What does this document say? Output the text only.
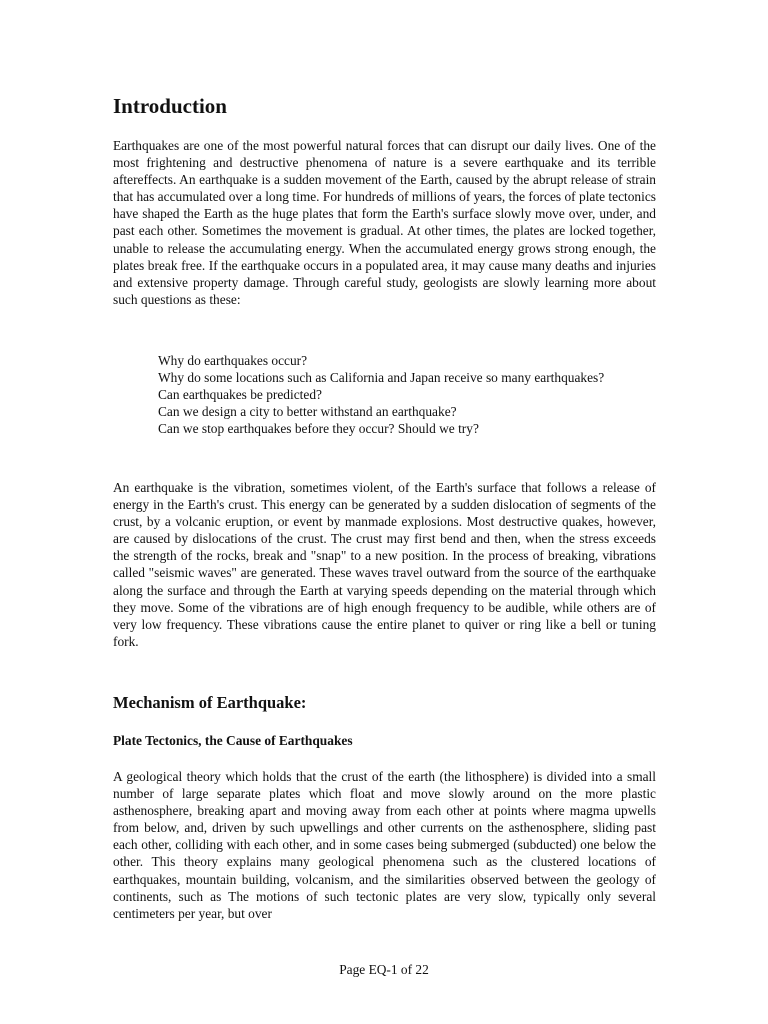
Introduction

Earthquakes are one of the most powerful natural forces that can disrupt our daily lives. One of the most frightening and destructive phenomena of nature is a severe earthquake and its terrible aftereffects. An earthquake is a sudden movement of the Earth, caused by the abrupt release of strain that has accumulated over a long time. For hundreds of millions of years, the forces of plate tectonics have shaped the Earth as the huge plates that form the Earth's surface slowly move over, under, and past each other. Sometimes the movement is gradual. At other times, the plates are locked together, unable to release the accumulating energy. When the accumulated energy grows strong enough, the plates break free. If the earthquake occurs in a populated area, it may cause many deaths and injuries and extensive property damage. Through careful study, geologists are slowly learning more about such questions as these:

Why do earthquakes occur?
Why do some locations such as California and Japan receive so many earthquakes?
Can earthquakes be predicted?
Can we design a city to better withstand an earthquake?
Can we stop earthquakes before they occur? Should we try?

An earthquake is the vibration, sometimes violent, of the Earth's surface that follows a release of energy in the Earth's crust. This energy can be generated by a sudden dislocation of segments of the crust, by a volcanic eruption, or event by manmade explosions. Most destructive quakes, however, are caused by dislocations of the crust. The crust may first bend and then, when the stress exceeds the strength of the rocks, break and "snap" to a new position. In the process of breaking, vibrations called "seismic waves" are generated. These waves travel outward from the source of the earthquake along the surface and through the Earth at varying speeds depending on the material through which they move. Some of the vibrations are of high enough frequency to be audible, while others are of very low frequency. These vibrations cause the entire planet to quiver or ring like a bell or tuning fork.

Mechanism of Earthquake:
Plate Tectonics, the Cause of Earthquakes

A geological theory which holds that the crust of the earth (the lithosphere) is divided into a small number of large separate plates which float and move slowly around on the more plastic asthenosphere, breaking apart and moving away from each other at points where magma upwells from below, and, driven by such upwellings and other currents on the asthenosphere, sliding past each other, colliding with each other, and in some cases being submerged (subducted) one below the other. This theory explains many geological phenomena such as the clustered locations of earthquakes, mountain building, volcanism, and the similarities observed between the geology of continents, such as The motions of such tectonic plates are very slow, typically only several centimeters per year, but over

Page EQ-1 of 22
